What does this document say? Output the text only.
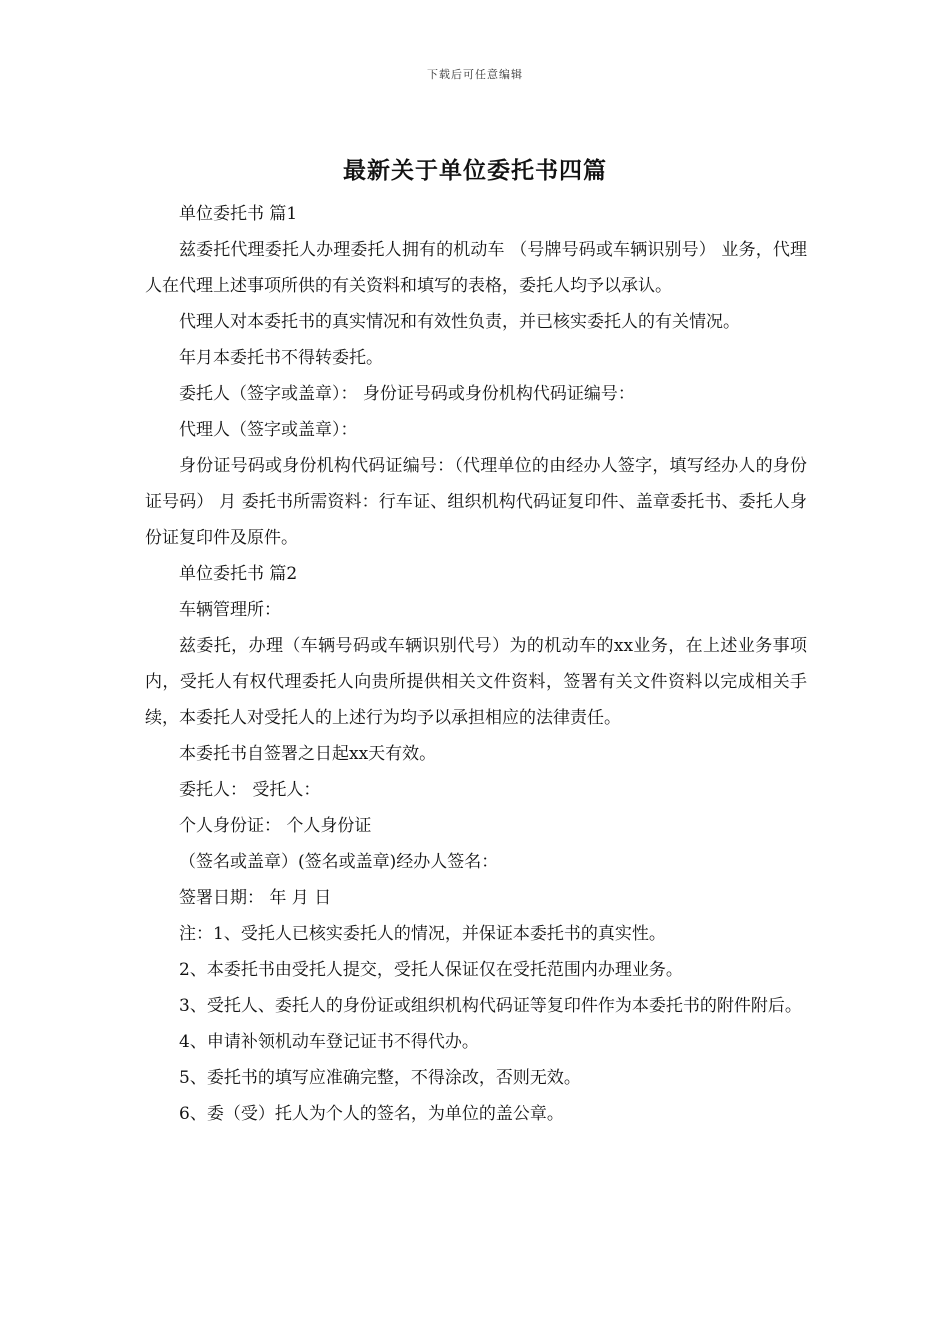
下载后可任意编辑
最新关于单位委托书四篇

单位委托书 篇1

兹委托代理委托人办理委托人拥有的机动车 （号牌号码或车辆识别号） 业务，代理人在代理上述事项所供的有关资料和填写的表格，委托人均予以承认。

代理人对本委托书的真实情况和有效性负责，并已核实委托人的有关情况。

年月本委托书不得转委托。

委托人（签字或盖章）： 身份证号码或身份机构代码证编号：

代理人（签字或盖章）：

身份证号码或身份机构代码证编号：（代理单位的由经办人签字，填写经办人的身份证号码） 月 委托书所需资料：行车证、组织机构代码证复印件、盖章委托书、委托人身份证复印件及原件。

单位委托书 篇2

车辆管理所：

兹委托，办理（车辆号码或车辆识别代号）为的机动车的xx业务，在上述业务事项内，受托人有权代理委托人向贵所提供相关文件资料，签署有关文件资料以完成相关手续，本委托人对受托人的上述行为均予以承担相应的法律责任。

本委托书自签署之日起xx天有效。

委托人： 受托人：

个人身份证： 个人身份证

（签名或盖章）(签名或盖章)经办人签名：

签署日期： 年 月 日

注：1、受托人已核实委托人的情况，并保证本委托书的真实性。

2、本委托书由受托人提交，受托人保证仅在受托范围内办理业务。

3、受托人、委托人的身份证或组织机构代码证等复印件作为本委托书的附件附后。

4、申请补领机动车登记证书不得代办。

5、委托书的填写应准确完整，不得涂改，否则无效。

6、委（受）托人为个人的签名，为单位的盖公章。
